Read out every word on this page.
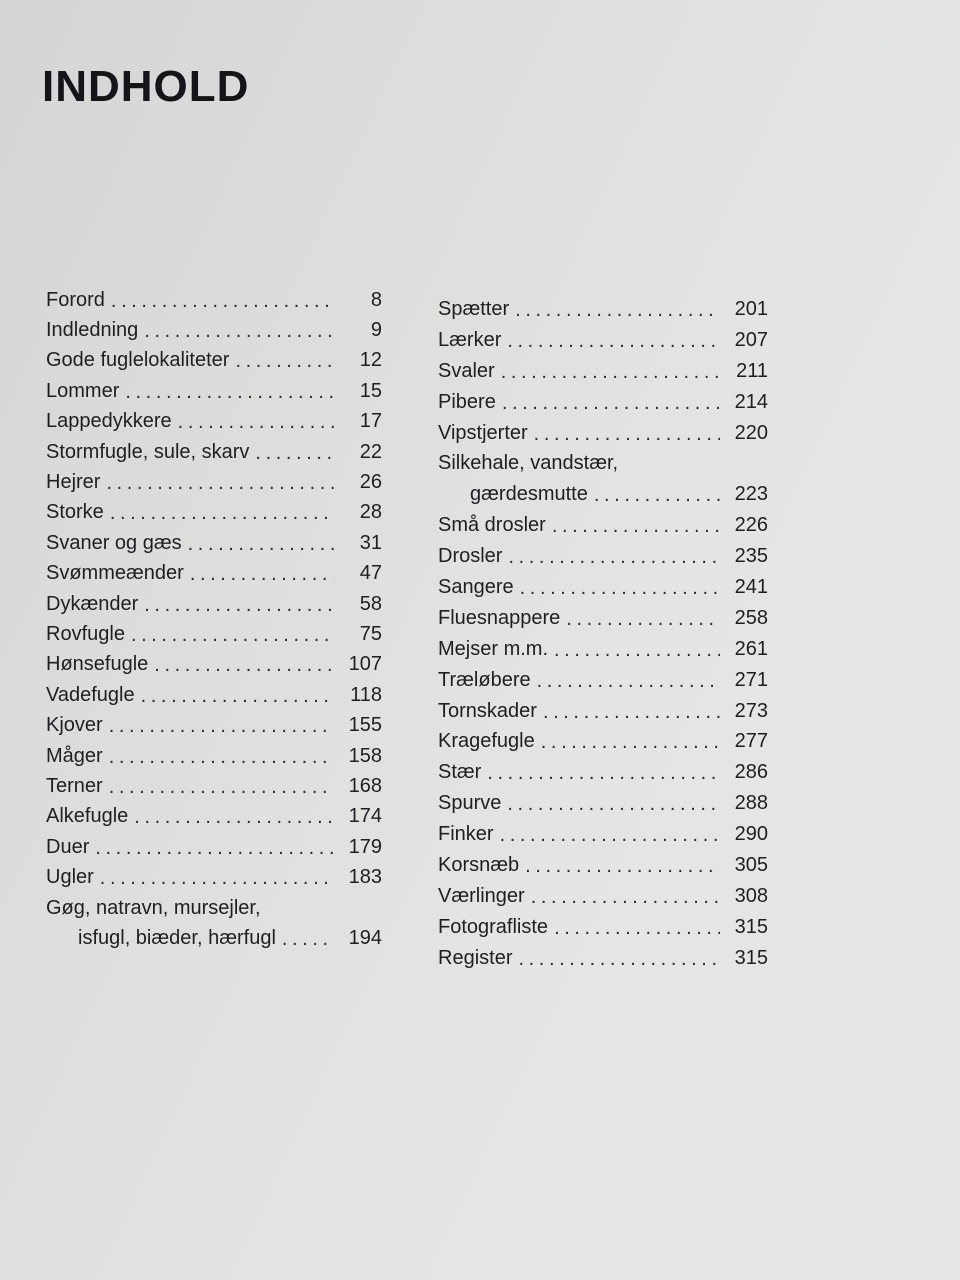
INDHOLD
Forord .....	8
Indledning .....	9
Gode fuglelokaliteter .....	12
Lommer .....	15
Lappedykkere .....	17
Stormfugle, sule, skarv .....	22
Hejrer .....	26
Storke .....	28
Svaner og gæs .....	31
Svømmeænder .....	47
Dykænder .....	58
Rovfugle .....	75
Hønsefugle .....	107
Vadefugle .....	118
Kjover .....	155
Måger .....	158
Terner .....	168
Alkefugle .....	174
Duer .....	179
Ugler .....	183
Gøg, natravn, mursejler,
isfugl, biæder, hærfugl .....	194
Spætter .....	201
Lærker .....	207
Svaler .....	211
Pibere .....	214
Vipstjerter .....	220
Silkehale, vandstær,
gærdesmutte .....	223
Små drosler .....	226
Drosler .....	235
Sangere .....	241
Fluesnappere .....	258
Mejser m.m. .....	261
Træløbere .....	271
Tornskader .....	273
Kragefugle .....	277
Stær .....	286
Spurve .....	288
Finker .....	290
Korsnæb .....	305
Værlinger .....	308
Fotografliste .....	315
Register .....	315
